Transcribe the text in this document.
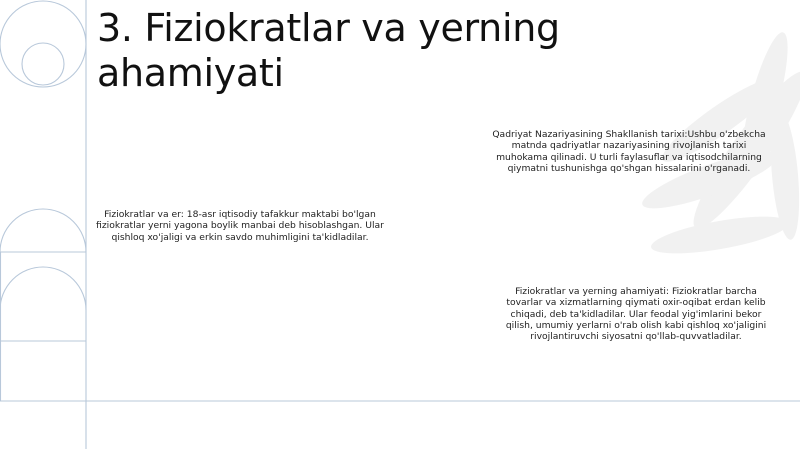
3. Fiziokratlar va yerning ahamiyati

Qadriyat Nazariyasining Shakllanish tarixi:Ushbu o'zbekcha matnda qadriyatlar nazariyasining rivojlanish tarixi muhokama qilinadi. U turli faylasuflar va iqtisodchilarning qiymatni tushunishga qo'shgan hissalarini o'rganadi.

Fiziokratlar va er: 18-asr iqtisodiy tafakkur maktabi bo'lgan fiziokratlar yerni yagona boylik manbai deb hisoblashgan. Ular qishloq xo'jaligi va erkin savdo muhimligini ta'kidladilar.

Fiziokratlar va yerning ahamiyati: Fiziokratlar barcha tovarlar va xizmatlarning qiymati oxir-oqibat erdan kelib chiqadi, deb ta'kidladilar. Ular feodal yig'imlarini bekor qilish, umumiy yerlarni o'rab olish kabi qishloq xo'jaligini rivojlantiruvchi siyosatni qo'llab-quvvatladilar.
